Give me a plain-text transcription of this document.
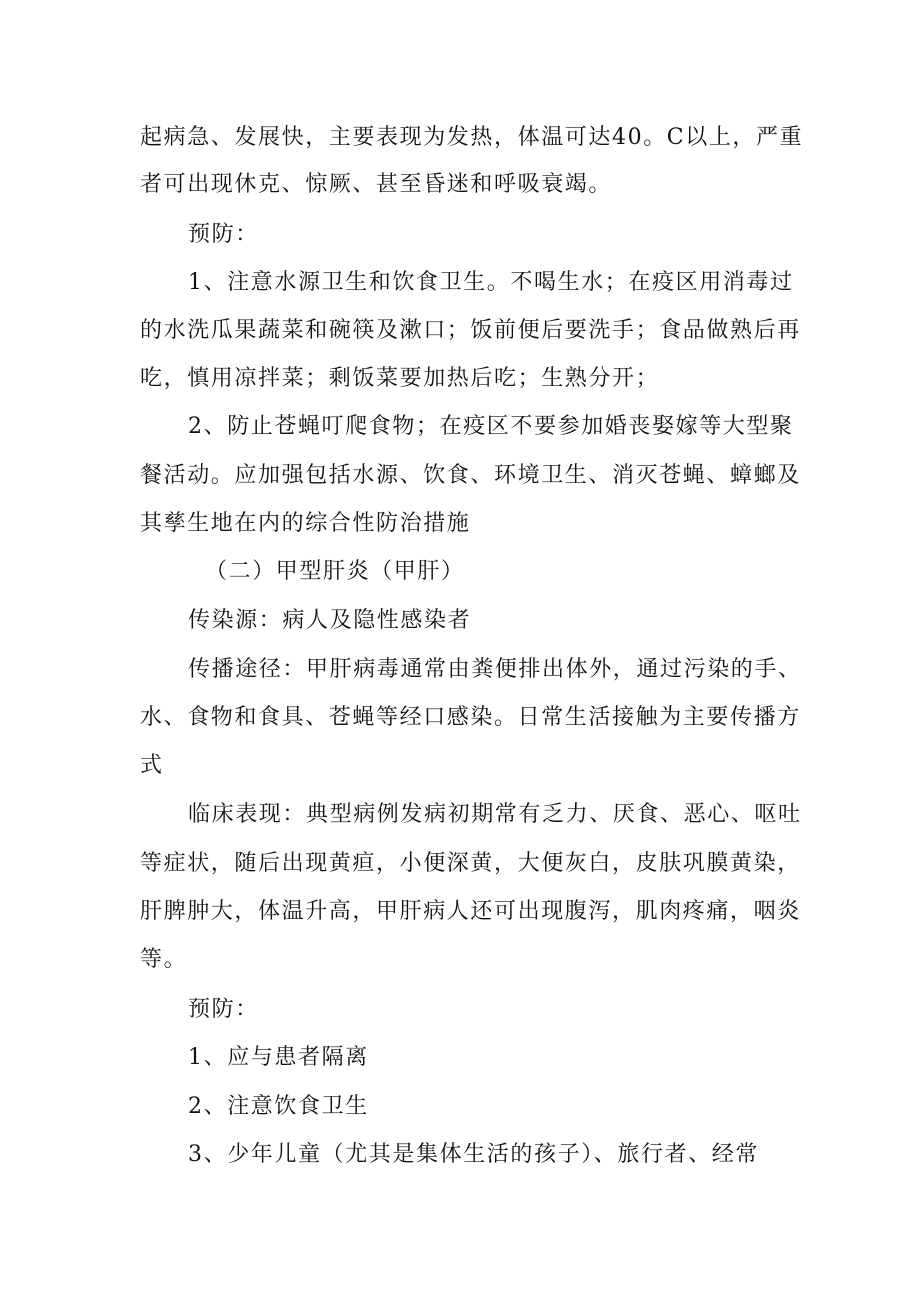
起病急、发展快，主要表现为发热，体温可达40。C以上，严重
者可出现休克、惊厥、甚至昏迷和呼吸衰竭。
预防：
1、注意水源卫生和饮食卫生。不喝生水；在疫区用消毒过
的水洗瓜果蔬菜和碗筷及漱口；饭前便后要洗手；食品做熟后再
吃，慎用凉拌菜；剩饭菜要加热后吃；生熟分开；
2、防止苍蝇叮爬食物；在疫区不要参加婚丧娶嫁等大型聚
餐活动。应加强包括水源、饮食、环境卫生、消灭苍蝇、蟑螂及
其孳生地在内的综合性防治措施
（二）甲型肝炎（甲肝）
传染源：病人及隐性感染者
传播途径：甲肝病毒通常由粪便排出体外，通过污染的手、
水、食物和食具、苍蝇等经口感染。日常生活接触为主要传播方
式
临床表现：典型病例发病初期常有乏力、厌食、恶心、呕吐
等症状，随后出现黄疸，小便深黄，大便灰白，皮肤巩膜黄染，
肝脾肿大，体温升高，甲肝病人还可出现腹泻，肌肉疼痛，咽炎
等。
预防：
1、应与患者隔离
2、注意饮食卫生
3、少年儿童（尤其是集体生活的孩子）、旅行者、经常
